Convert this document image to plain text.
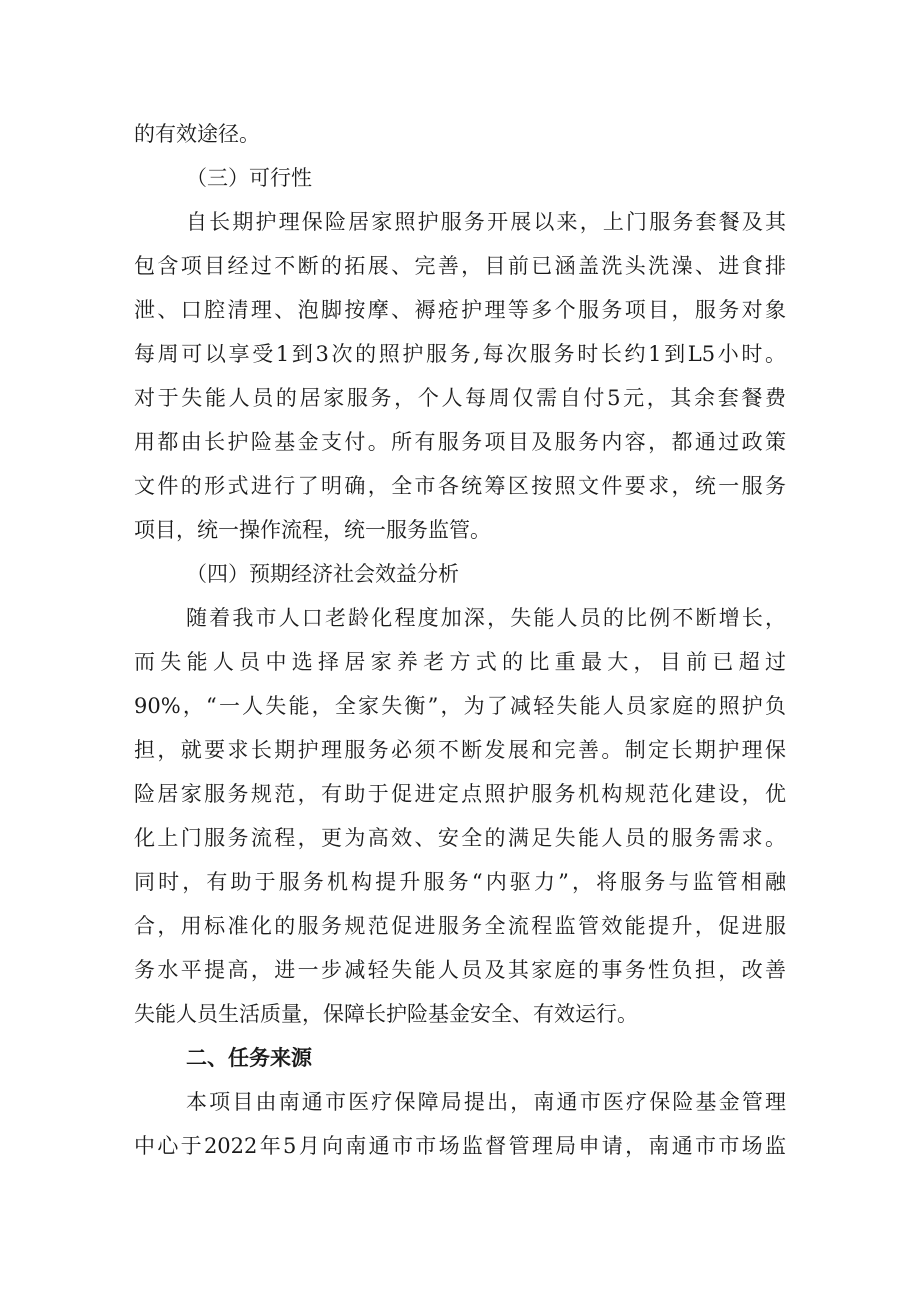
的有效途径。
（三）可行性
自长期护理保险居家照护服务开展以来，上门服务套餐及其
包含项目经过不断的拓展、完善，目前已涵盖洗头洗澡、进食排
泄、口腔清理、泡脚按摩、褥疮护理等多个服务项目，服务对象
每周可以享受1到3次的照护服务,每次服务时长约1到L5小时。
对于失能人员的居家服务，个人每周仅需自付5元，其余套餐费
用都由长护险基金支付。所有服务项目及服务内容，都通过政策
文件的形式进行了明确，全市各统筹区按照文件要求，统一服务
项目，统一操作流程，统一服务监管。
（四）预期经济社会效益分析
随着我市人口老龄化程度加深，失能人员的比例不断增长，
而失能人员中选择居家养老方式的比重最大，目前已超过
90%，“一人失能，全家失衡”，为了减轻失能人员家庭的照护负
担，就要求长期护理服务必须不断发展和完善。制定长期护理保
险居家服务规范，有助于促进定点照护服务机构规范化建设，优
化上门服务流程，更为高效、安全的满足失能人员的服务需求。
同时，有助于服务机构提升服务“内驱力”，将服务与监管相融
合，用标准化的服务规范促进服务全流程监管效能提升，促进服
务水平提高，进一步减轻失能人员及其家庭的事务性负担，改善
失能人员生活质量，保障长护险基金安全、有效运行。
二、任务来源
本项目由南通市医疗保障局提出，南通市医疗保险基金管理
中心于2022年5月向南通市市场监督管理局申请，南通市市场监
